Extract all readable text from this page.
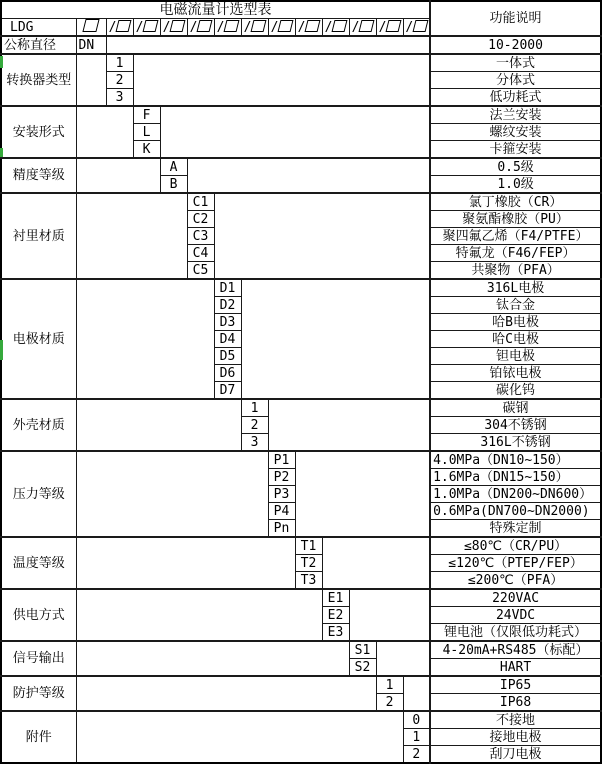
电磁流量计选型表														功能说明
LDG		/	/	/	/	/	/	/	/	/	/	/	/	
公称直径	DN													10-2000
转换器类型		1												一体式
		2												分体式
		3												低功耗式
安装形式			F											法兰安装
			L											螺纹安装
			K											卡箍安装
精度等级				A										0.5级
				B										1.0级
衬里材质					C1									氯丁橡胶（CR）
					C2									聚氨酯橡胶（PU）
					C3									聚四氟乙烯（F4/PTFE）
					C4									特氟龙（F46/FEP）
					C5									共聚物（PFA）
电极材质						D1								316L电极
						D2								钛合金
						D3								哈B电极
						D4								哈C电极
						D5								钽电极
						D6								铂铱电极
						D7								碳化钨
外壳材质							1							碳钢
							2							304不锈钢
							3							316L不锈钢
压力等级								P1						4.0MPa（DN10~150）
								P2						1.6MPa（DN15~150）
								P3						1.0MPa（DN200~DN600）
								P4						0.6MPa(DN700~DN2000)
								Pn						特殊定制
温度等级									T1					≤80℃（CR/PU）
									T2					≤120℃（PTEP/FEP）
									T3					≤200℃（PFA）
供电方式										E1				220VAC
										E2				24VDC
										E3				锂电池（仅限低功耗式）
信号输出											S1			4-20mA+RS485（标配）
											S2			HART
防护等级												1		IP65
												2		IP68
附件													0	不接地
													1	接地电极
													2	刮刀电极
